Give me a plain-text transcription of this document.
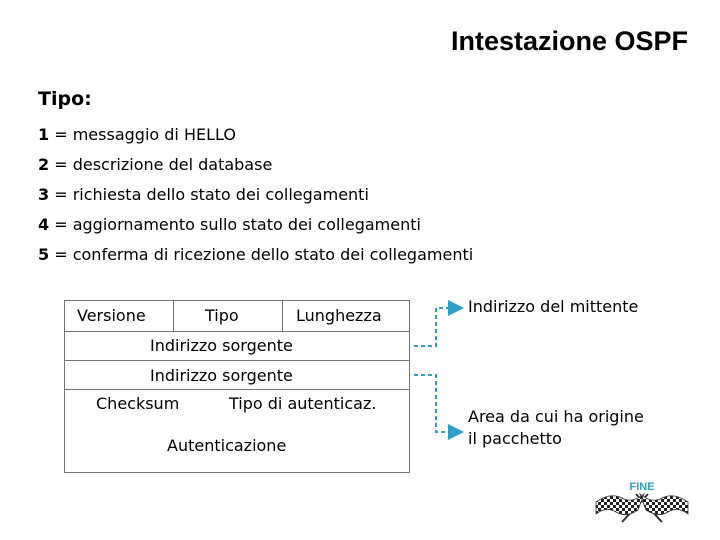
Intestazione OSPF
Tipo:
1 = messaggio di HELLO
2 = descrizione del database
3 = richiesta dello stato dei collegamenti
4 = aggiornamento sullo stato dei collegamenti
5 = conferma di ricezione dello stato dei collegamenti
Versione	Tipo	Lunghezza
Indirizzo sorgente
Indirizzo sorgente
Checksum	Tipo di autenticaz.
Autenticazione
Indirizzo del mittente
Area da cui ha origine
il pacchetto
FINE
